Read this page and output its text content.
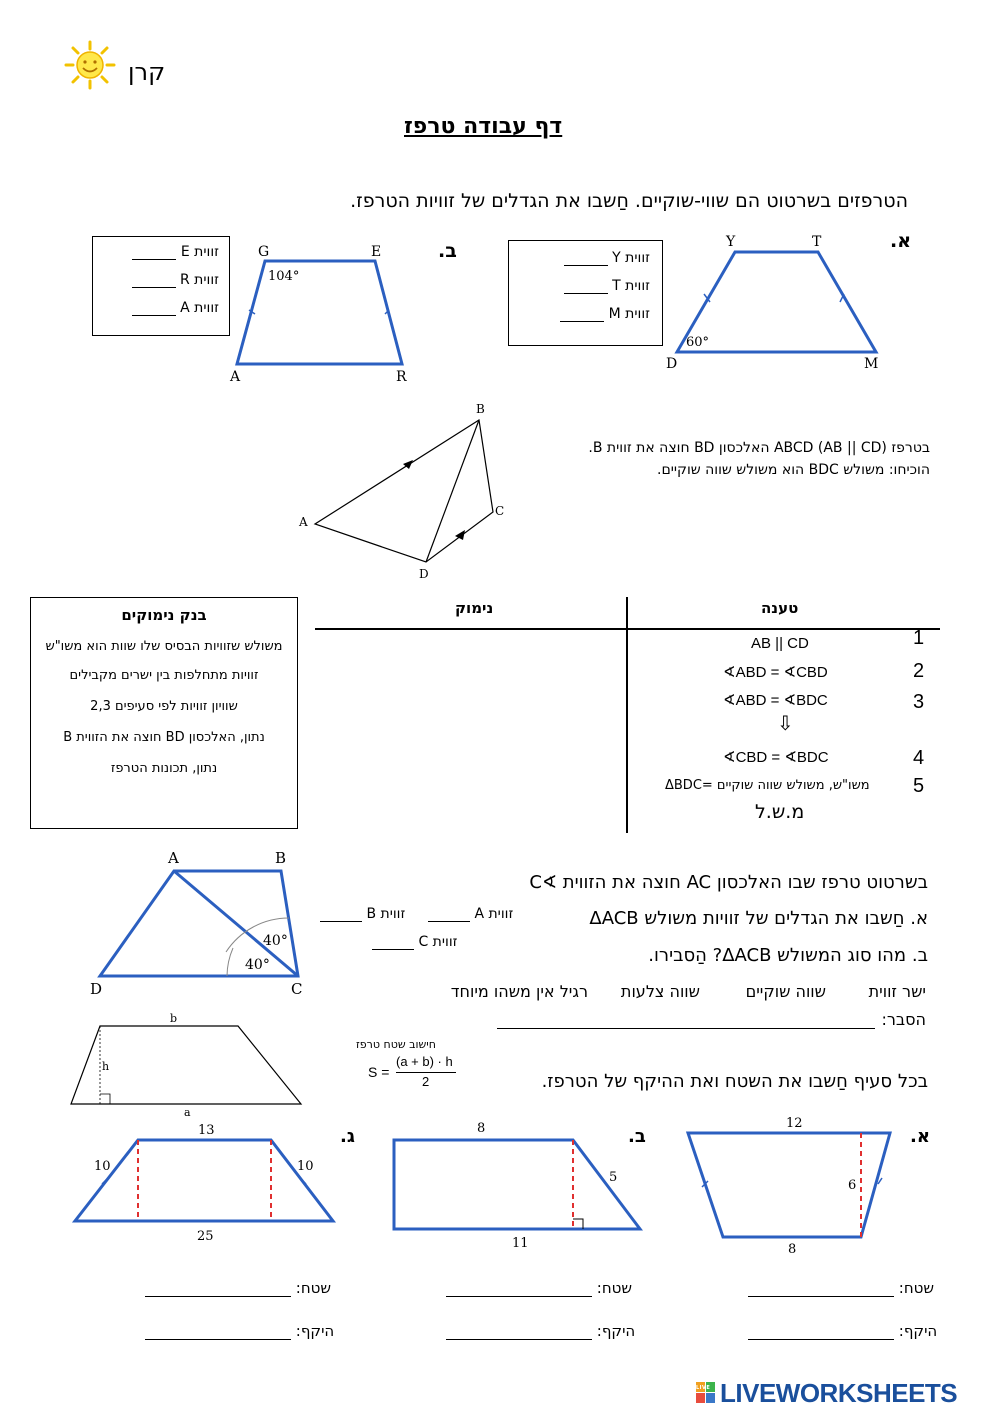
קרן
דף עבודה טרפז
הטרפזים בשרטוט הם שווי-שוקיים. חַשבו את הגדלים של זוויות הטרפז.
א.
Y	T
D	M
60°
זווית Y
זווית T
זווית M
ב.
G	E
A	R
104°
זווית E
זווית R
זווית A
B
C
D
A
בטרפז ABCD (AB || CD) האלכסון BD חוצה את זווית B.
הוכיחו: משולש BDC הוא משולש שווה שוקיים.
בנק נימוקים
משולש שזוויות הבסיס שלו שוות הוא משו"ש
זוויות מתחלפות בין ישרים מקבילים
שוויון זוויות לפי סעיפים 2,3
נתון, האלכסון BD חוצה את הזווית B
נתון, תכונות הטרפז
טענה
נימוק
1
AB || CD
2
∢ABD = ∢CBD
3
∢ABD = ∢BDC
⇩
4
∢CBD = ∢BDC
5
משו"ש, משולש שווה שוקיים =ΔBDC
מ.ש.ל
A	B
D	C
40°
40°
בשרטוט טרפז שבו האלכסון AC חוצה את הזווית ∢C
א. חַשבו את הגדלים של זוויות משולש ΔACB
זווית A
זווית B
זווית C
ב. מהו סוג המשולש ΔACB? הַסבירו.
ישר זווית
שווה שוקיים
שווה צלעות
רגיל אין משהו מיוחד
הסבר:
b
h
a
חישוב שטח טרפז
S =
(a + b) · h
2	בכל סעיף חַשבו את השטח ואת ההיקף של הטרפז.
א.
ב.
ג.
12
6
8
8
5
11
13
10	10
25
שטח:
היקף:
שטח:
היקף:
שטח:
היקף:
LIVE LIVEWORKSHEETS
